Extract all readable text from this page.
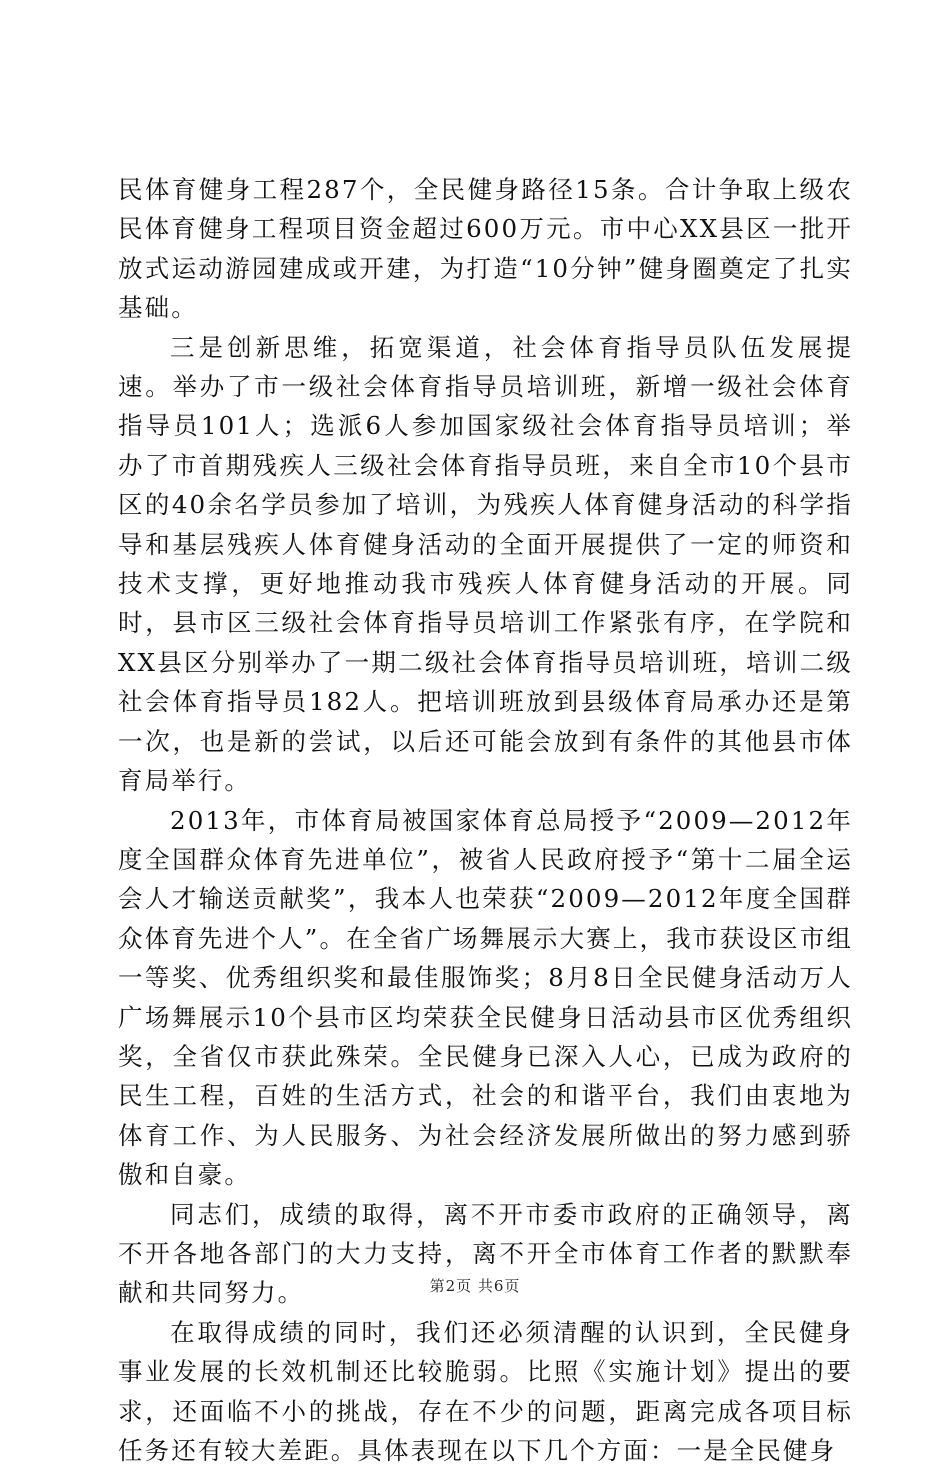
民体育健身工程287个，全民健身路径15条。合计争取上级农民体育健身工程项目资金超过600万元。市中心XX县区一批开放式运动游园建成或开建，为打造“10分钟”健身圈奠定了扎实基础。

三是创新思维，拓宽渠道，社会体育指导员队伍发展提速。举办了市一级社会体育指导员培训班，新增一级社会体育指导员101人；选派6人参加国家级社会体育指导员培训；举办了市首期残疾人三级社会体育指导员班，来自全市10个县市区的40余名学员参加了培训，为残疾人体育健身活动的科学指导和基层残疾人体育健身活动的全面开展提供了一定的师资和技术支撑，更好地推动我市残疾人体育健身活动的开展。同时，县市区三级社会体育指导员培训工作紧张有序，在学院和XX县区分别举办了一期二级社会体育指导员培训班，培训二级社会体育指导员182人。把培训班放到县级体育局承办还是第一次，也是新的尝试，以后还可能会放到有条件的其他县市体育局举行。

2013年，市体育局被国家体育总局授予“2009—2012年度全国群众体育先进单位”，被省人民政府授予“第十二届全运会人才输送贡献奖”，我本人也荣获“2009—2012年度全国群众体育先进个人”。在全省广场舞展示大赛上，我市获设区市组一等奖、优秀组织奖和最佳服饰奖；8月8日全民健身活动万人广场舞展示10个县市区均荣获全民健身日活动县市区优秀组织奖，全省仅市获此殊荣。全民健身已深入人心，已成为政府的民生工程，百姓的生活方式，社会的和谐平台，我们由衷地为体育工作、为人民服务、为社会经济发展所做出的努力感到骄傲和自豪。

同志们，成绩的取得，离不开市委市政府的正确领导，离不开各地各部门的大力支持，离不开全市体育工作者的默默奉献和共同努力。

在取得成绩的同时，我们还必须清醒的认识到，全民健身事业发展的长效机制还比较脆弱。比照《实施计划》提出的要求，还面临不小的挑战，存在不少的问题，距离完成各项目标任务还有较大差距。具体表现在以下几个方面：一是全民健身

第2页 共6页
